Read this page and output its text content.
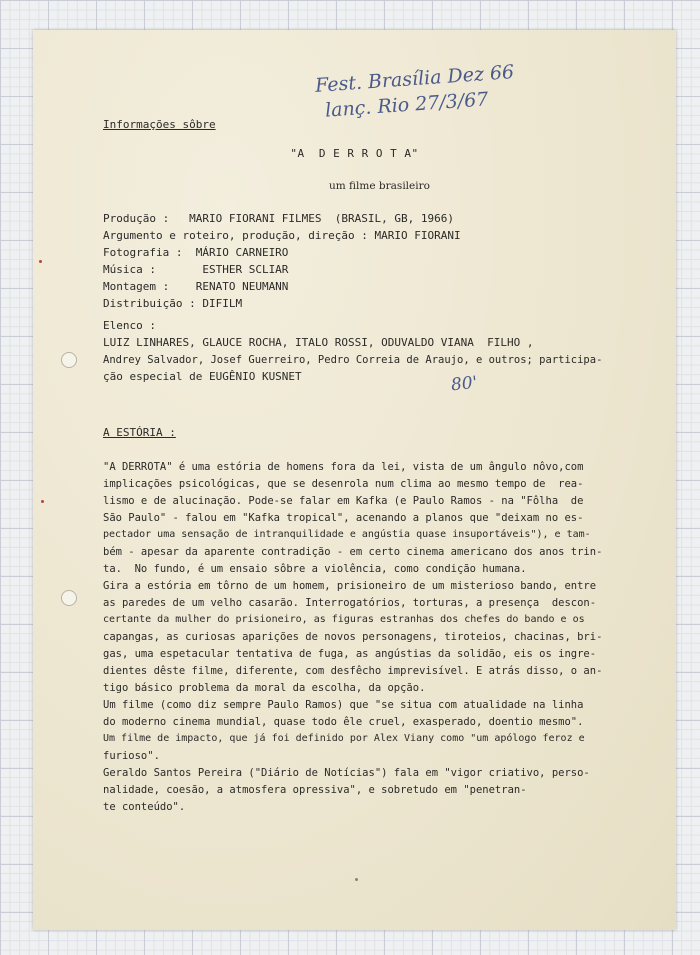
Fest. Brasília Dez 66
lanç. Rio 27/3/67
80'
Informações sôbre
"A  D E R R O T A"
um filme brasileiro
Produção :   MARIO FIORANI FILMES  (BRASIL, GB, 1966)
Argumento e roteiro, produção, direção : MARIO FIORANI
Fotografia :  MÁRIO CARNEIRO
Música :       ESTHER SCLIAR
Montagem :    RENATO NEUMANN
Distribuição : DIFILM
Elenco :
LUIZ LINHARES, GLAUCE ROCHA, ITALO ROSSI, ODUVALDO VIANA  FILHO ,
Andrey Salvador, Josef Guerreiro, Pedro Correia de Araujo, e outros; participa-
ção especial de EUGÊNIO KUSNET
A ESTÓRIA :
"A DERROTA" é uma estória de homens fora da lei, vista de um ângulo nôvo,com
implicações psicológicas, que se desenrola num clima ao mesmo tempo de  rea-
lismo e de alucinação. Pode-se falar em Kafka (e Paulo Ramos - na "Fôlha  de
São Paulo" - falou em "Kafka tropical", acenando a planos que "deixam no es-
pectador uma sensação de intranquilidade e angústia quase insuportáveis"), e tam-
bém - apesar da aparente contradição - em certo cinema americano dos anos trin-
ta.  No fundo, é um ensaio sôbre a violência, como condição humana.
Gira a estória em tôrno de um homem, prisioneiro de um misterioso bando, entre
as paredes de um velho casarão. Interrogatórios, torturas, a presença  descon-
certante da mulher do prisioneiro, as figuras estranhas dos chefes do bando e os
capangas, as curiosas aparições de novos personagens, tiroteios, chacinas, bri-
gas, uma espetacular tentativa de fuga, as angústias da solidão, eis os ingre-
dientes dêste filme, diferente, com desfêcho imprevisível. E atrás disso, o an-
tigo básico problema da moral da escolha, da opção.
Um filme (como diz sempre Paulo Ramos) que "se situa com atualidade na linha
do moderno cinema mundial, quase todo êle cruel, exasperado, doentio mesmo".
Um filme de impacto, que já foi definido por Alex Viany como "um apólogo feroz e
furioso".
Geraldo Santos Pereira ("Diário de Notícias") fala em "vigor criativo, perso-
nalidade, coesão, a atmosfera opressiva", e sobretudo em "penetran-
te conteúdo".
